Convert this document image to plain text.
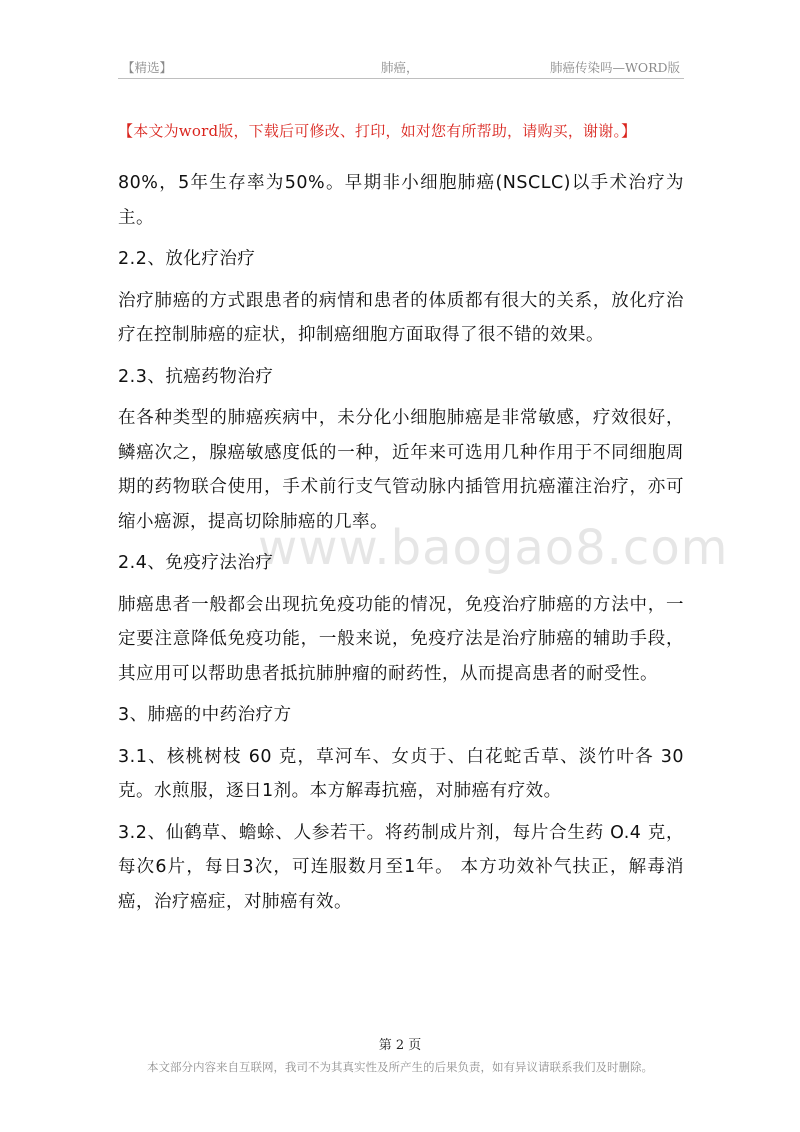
【精选】	肺癌，	肺癌传染吗—WORD版
【本文为word版，下载后可修改、打印，如对您有所帮助，请购买，谢谢。】
www.baogao8.com

80%，5年生存率为50%。早期非小细胞肺癌(NSCLC)以手术治疗为主。

2.2、放化疗治疗

治疗肺癌的方式跟患者的病情和患者的体质都有很大的关系，放化疗治疗在控制肺癌的症状，抑制癌细胞方面取得了很不错的效果。

2.3、抗癌药物治疗

在各种类型的肺癌疾病中，未分化小细胞肺癌是非常敏感，疗效很好，鳞癌次之，腺癌敏感度低的一种，近年来可选用几种作用于不同细胞周期的药物联合使用，手术前行支气管动脉内插管用抗癌灌注治疗，亦可缩小癌源，提高切除肺癌的几率。

2.4、免疫疗法治疗

肺癌患者一般都会出现抗免疫功能的情况，免疫治疗肺癌的方法中，一定要注意降低免疫功能，一般来说，免疫疗法是治疗肺癌的辅助手段，其应用可以帮助患者抵抗肺肿瘤的耐药性，从而提高患者的耐受性。

3、肺癌的中药治疗方

3.1、核桃树枝 60 克，草河车、女贞于、白花蛇舌草、淡竹叶各 30克。水煎服，逐日1剂。本方解毒抗癌，对肺癌有疗效。

3.2、仙鹤草、蟾蜍、人参若干。将药制成片剂，每片合生药 O.4 克，每次6片，每日3次，可连服数月至1年。 本方功效补气扶正，解毒消癌，治疗癌症，对肺癌有效。

第 2 页
本文部分内容来自互联网，我司不为其真实性及所产生的后果负责，如有异议请联系我们及时删除。
